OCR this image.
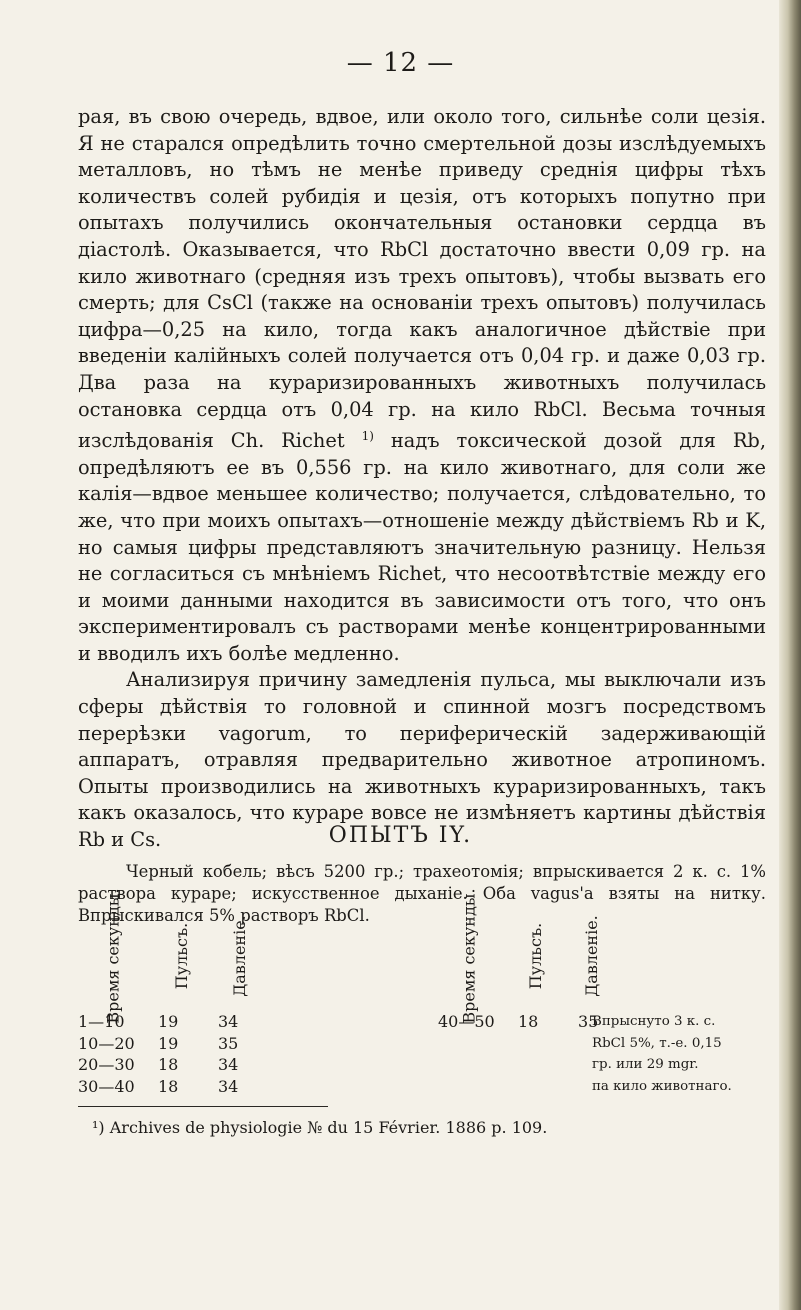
— 12 —

рая, въ свою очередь, вдвое, или около того, сильнѣе соли цезія. Я не старался опредѣлить точно смертельной дозы изслѣдуемыхъ металловъ, но тѣмъ не менѣе приведу среднія цифры тѣхъ количествъ солей рубидія и цезія, отъ которыхъ попутно при опытахъ получились окончательныя остановки сердца въ діастолѣ. Оказывается, что RbCl достаточно ввести 0,09 гр. на кило животнаго (средняя изъ трехъ опытовъ), чтобы вызвать его смерть; для CsCl (также на основаніи трехъ опытовъ) получилась цифра—0,25 на кило, тогда какъ аналогичное дѣйствіе при введеніи калійныхъ солей получается отъ 0,04 гр. и даже 0,03 гр. Два раза на кураризированныхъ животныхъ получилась остановка сердца отъ 0,04 гр. на кило RbCl. Весьма точныя изслѣдованія Ch. Richet $^{1)}$ надъ токсической дозой для Rb, опредѣляютъ ее въ 0,556 гр. на кило животнаго, для соли же калія—вдвое меньшее количество; получается, слѣдовательно, то же, что при моихъ опытахъ—отношеніе между дѣйствіемъ Rb и K, но самыя цифры представляютъ значительную разницу. Нельзя не согласиться съ мнѣніемъ Richet, что несоотвѣтствіе между его и моими данными находится въ зависимости отъ того, что онъ экспериментировалъ съ растворами менѣе концентрированными и вводилъ ихъ болѣе медленно.

Анализируя причину замедленія пульса, мы выключали изъ сферы дѣйствія то головной и спинной мозгъ посредствомъ перерѣзки vagorum, то периферическій задерживающій аппаратъ, отравляя предварительно животное атропиномъ. Опыты производились на животныхъ кураризированныхъ, такъ какъ оказалось, что кураре вовсе не измѣняетъ картины дѣйствія Rb и Cs.	ОПЫТЪ IY.

Черный кобель; вѣсъ 5200 гр.; трахеотомія; впрыскивается 2 к. с. 1% раствора кураре; искусственное дыханіе. Оба vagus'а взяты на нитку. Впрыскивался 5% растворъ RbCl.

Время секунды.	Пульсъ. Давленіе.	Время секунды.	Пульсъ. Давленіе.
1—10	19	34
10—20	19	35
20—30	18	34
30—40	18	34
40—50	18	35
Впрыснуто 3 к. с.
RbCl 5%, т.-е. 0,15
гр. или 29 mgr.
па кило животнаго.
¹) Archives de physiologie № du 15 Février. 1886 p. 109.
